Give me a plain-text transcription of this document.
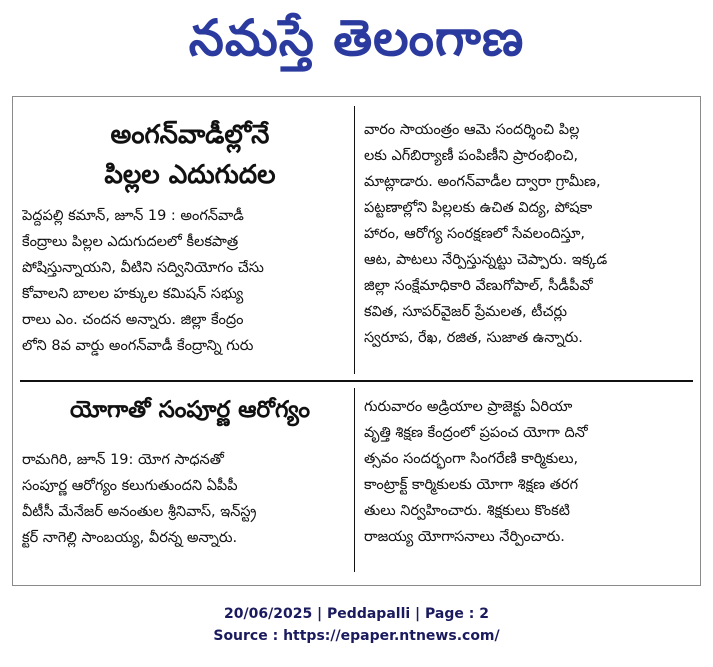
నమస్తే తెలంగాణ
అంగన్‌వాడీల్లోనే
పిల్లల ఎదుగుదల
పెద్దపల్లి కమాన్, జూన్ 19 : అంగన్‌వాడీ
కేంద్రాలు పిల్లల ఎదుగుదలలో కీలకపాత్ర
పోషిస్తున్నాయని, వీటిని సద్వినియోగం చేసు
కోవాలని బాలల హక్కుల కమిషన్ సభ్యు
రాలు ఎం. చందన అన్నారు. జిల్లా కేంద్రం
లోని 8వ వార్డు అంగన్‌వాడీ కేంద్రాన్ని గురు
వారం సాయంత్రం ఆమె సందర్శించి పిల్ల
లకు ఎగ్‌బిర్యాణీ పంపిణీని ప్రారంభించి,
మాట్లాడారు. అంగన్‌వాడీల ద్వారా గ్రామీణ,
పట్టణాల్లోని పిల్లలకు ఉచిత విద్య, పోషకా
హారం, ఆరోగ్య సంరక్షణలో సేవలందిస్తూ,
ఆట, పాటలు నేర్పిస్తున్నట్టు చెప్పారు. ఇక్కడ
జిల్లా సంక్షేమాధికారి వేణుగోపాల్, సీడీపీవో
కవిత, సూపర్‌వైజర్ ప్రేమలత, టీచర్లు
స్వరూప, రేఖ, రజిత, సుజాత ఉన్నారు.
యోగాతో సంపూర్ణ ఆరోగ్యం
రామగిరి, జూన్ 19: యోగ సాధనతో
సంపూర్ణ ఆరోగ్యం కలుగుతుందని ఏపీపీ
వీటీసీ మేనేజర్ అనంతుల శ్రీనివాస్, ఇన్‌స్ట్ర
క్టర్ నాగెల్లి సాంబయ్య, వీరన్న అన్నారు.
గురువారం అడ్రియాల ప్రాజెక్టు ఏరియా
వృత్తి శిక్షణ కేంద్రంలో ప్రపంచ యోగా దినో
త్సవం సందర్భంగా సింగరేణి కార్మికులు,
కాంట్రాక్ట్ కార్మికులకు యోగా శిక్షణ తరగ
తులు నిర్వహించారు. శిక్షకులు కొంకటి
రాజయ్య యోగాసనాలు నేర్పించారు.
20/06/2025 | Peddapalli | Page : 2
Source : https://epaper.ntnews.com/
